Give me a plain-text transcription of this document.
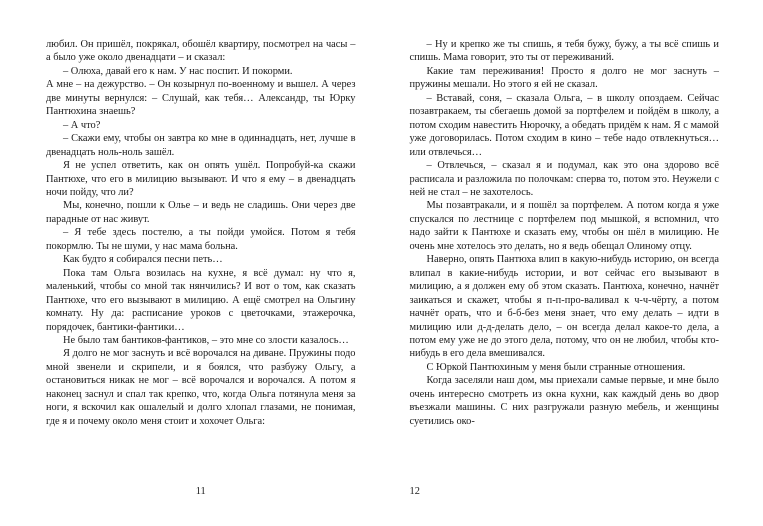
любил. Он пришёл, покрякал, обошёл квартиру, посмотрел на часы – а было уже около двенадцати – и сказал:

– Олюха, давай его к нам. У нас поспит. И покорми.

А мне – на дежурство. – Он козырнул по-военному и вышел. А через две минуты вернулся: – Слушай, как тебя… Александр, ты Юрку Пантюхина знаешь?

– А что?

– Скажи ему, чтобы он завтра ко мне в одиннадцать, нет, лучше в двенадцать ноль-ноль зашёл.

Я не успел ответить, как он опять ушёл. Попробуй-ка скажи Пантюхе, что его в милицию вызывают. И что я ему – в двенадцать ночи пойду, что ли?

Мы, конечно, пошли к Олье – и ведь не сладишь. Они через две парадные от нас живут.

– Я тебе здесь постелю, а ты пойди умойся. Потом я тебя покормлю. Ты не шуми, у нас мама больна.

Как будто я собирался песни петь…

Пока там Ольга возилась на кухне, я всё думал: ну что я, маленький, чтобы со мной так нянчились? И вот о том, как сказать Пантюхе, что его вызывают в милицию. А ещё смотрел на Ольгину комнату. Ну да: расписание уроков с цветочками, этажерочка, порядочек, бантики-фантики…

Не было там бантиков-фантиков, – это мне со злости казалось…

Я долго не мог заснуть и всё ворочался на диване. Пружины подо мной звенели и скрипели, и я боялся, что разбужу Ольгу, а остановиться никак не мог – всё ворочался и ворочался. А потом я наконец заснул и спал так крепко, что, когда Ольга потянула меня за ноги, я вскочил как ошалелый и долго хлопал глазами, не понимая, где я и почему около меня стоит и хохочет Ольга:

11

– Ну и крепко же ты спишь, я тебя бужу, бужу, а ты всё спишь и спишь. Мама говорит, это ты от переживаний.

Какие там переживания! Просто я долго не мог заснуть – пружины мешали. Но этого я ей не сказал.

– Вставай, соня, – сказала Ольга, – в школу опоздаем. Сейчас позавтракаем, ты сбегаешь домой за портфелем и пойдём в школу, а потом сходим навестить Нюрочку, а обедать придём к нам. Я с мамой уже договорилась. Потом сходим в кино – тебе надо отвлекнуться… или отвлечься…

– Отвлечься, – сказал я и подумал, как это она здорово всё расписала и разложила по полочкам: сперва то, потом это. Неужели с ней не стал – не захотелось.

Мы позавтракали, и я пошёл за портфелем. А потом когда я уже спускался по лестнице с портфелем под мышкой, я вспомнил, что надо зайти к Пантюхе и сказать ему, чтобы он шёл в милицию. Не очень мне хотелось это делать, но я ведь обещал Олиному отцу.

Наверно, опять Пантюха влип в какую-нибудь историю, он всегда влипал в какие-нибудь истории, и вот сейчас его вызывают в милицию, а я должен ему об этом сказать. Пантюха, конечно, начнёт заикаться и скажет, чтобы я п-п-про-валивал к ч-ч-чёрту, а потом начнёт орать, что и б-б-без меня знает, что ему делать – идти в милицию или д-д-делать дело, – он всегда делал какое-то дела, а потом ему уже не до этого дела, потому, что он не любил, чтобы кто-нибудь в его дела вмешивался.

С Юркой Пантюхиным у меня были странные отношения.

Когда заселяли наш дом, мы приехали самые первые, и мне было очень интересно смотреть из окна кухни, как каждый день во двор въезжали машины. С них разгружали разную мебель, и женщины суетились око-

12
